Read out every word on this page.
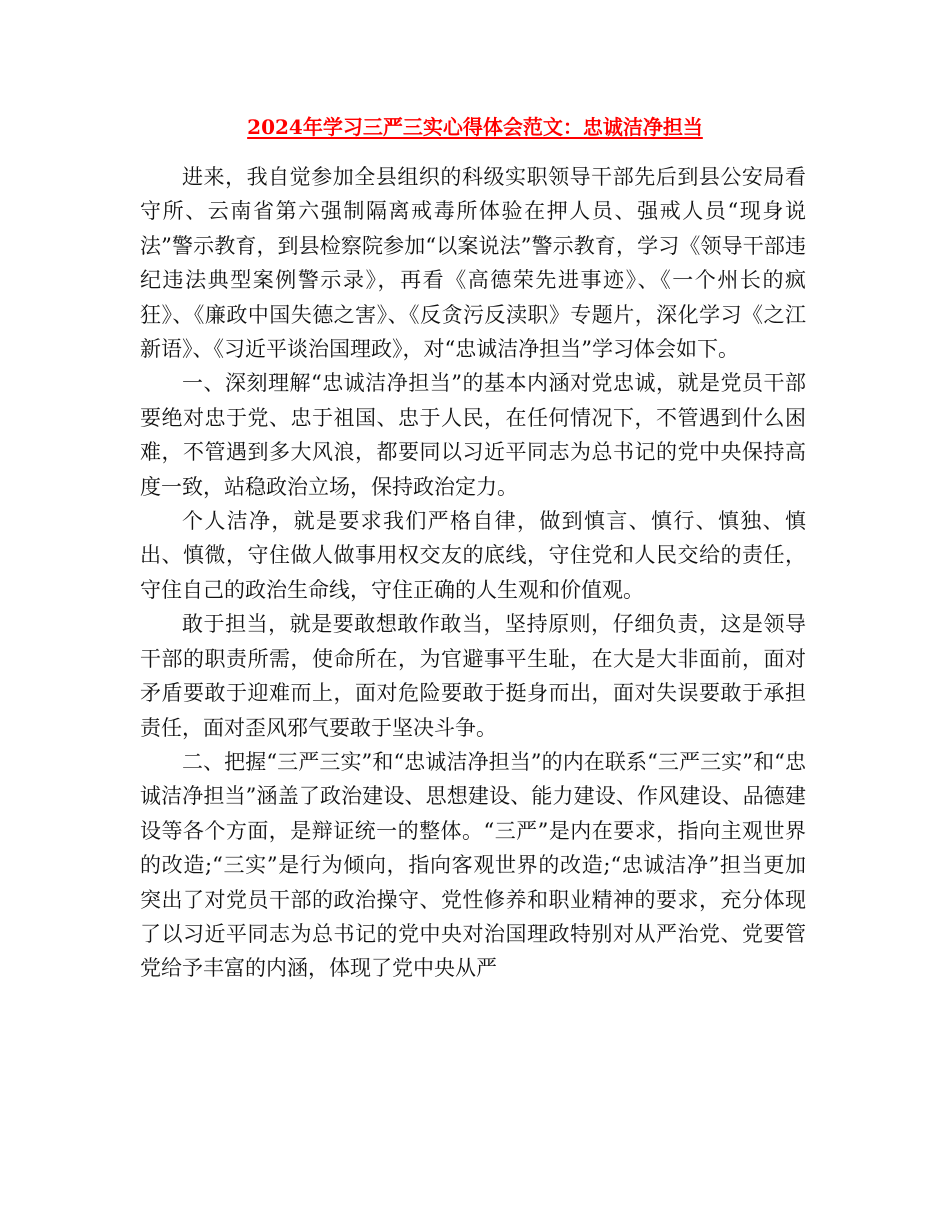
2024年学习三严三实心得体会范文：忠诚洁净担当

进来，我自觉参加全县组织的科级实职领导干部先后到县公安局看守所、云南省第六强制隔离戒毒所体验在押人员、强戒人员“现身说法”警示教育，到县检察院参加“以案说法”警示教育，学习《领导干部违纪违法典型案例警示录》，再看《高德荣先进事迹》、《一个州长的疯狂》、《廉政中国失德之害》、《反贪污反渎职》专题片，深化学习《之江新语》、《习近平谈治国理政》，对“忠诚洁净担当”学习体会如下。

一、深刻理解“忠诚洁净担当”的基本内涵对党忠诚，就是党员干部要绝对忠于党、忠于祖国、忠于人民，在任何情况下，不管遇到什么困难，不管遇到多大风浪，都要同以习近平同志为总书记的党中央保持高度一致，站稳政治立场，保持政治定力。

个人洁净，就是要求我们严格自律，做到慎言、慎行、慎独、慎出、慎微，守住做人做事用权交友的底线，守住党和人民交给的责任，守住自己的政治生命线，守住正确的人生观和价值观。

敢于担当，就是要敢想敢作敢当，坚持原则，仔细负责，这是领导干部的职责所需，使命所在，为官避事平生耻，在大是大非面前，面对矛盾要敢于迎难而上，面对危险要敢于挺身而出，面对失误要敢于承担责任，面对歪风邪气要敢于坚决斗争。

二、把握“三严三实”和“忠诚洁净担当”的内在联系“三严三实”和“忠诚洁净担当”涵盖了政治建设、思想建设、能力建设、作风建设、品德建设等各个方面，是辩证统一的整体。“三严”是内在要求，指向主观世界的改造;“三实”是行为倾向，指向客观世界的改造;“忠诚洁净”担当更加突出了对党员干部的政治操守、党性修养和职业精神的要求，充分体现了以习近平同志为总书记的党中央对治国理政特别对从严治党、党要管党给予丰富的内涵，体现了党中央从严
